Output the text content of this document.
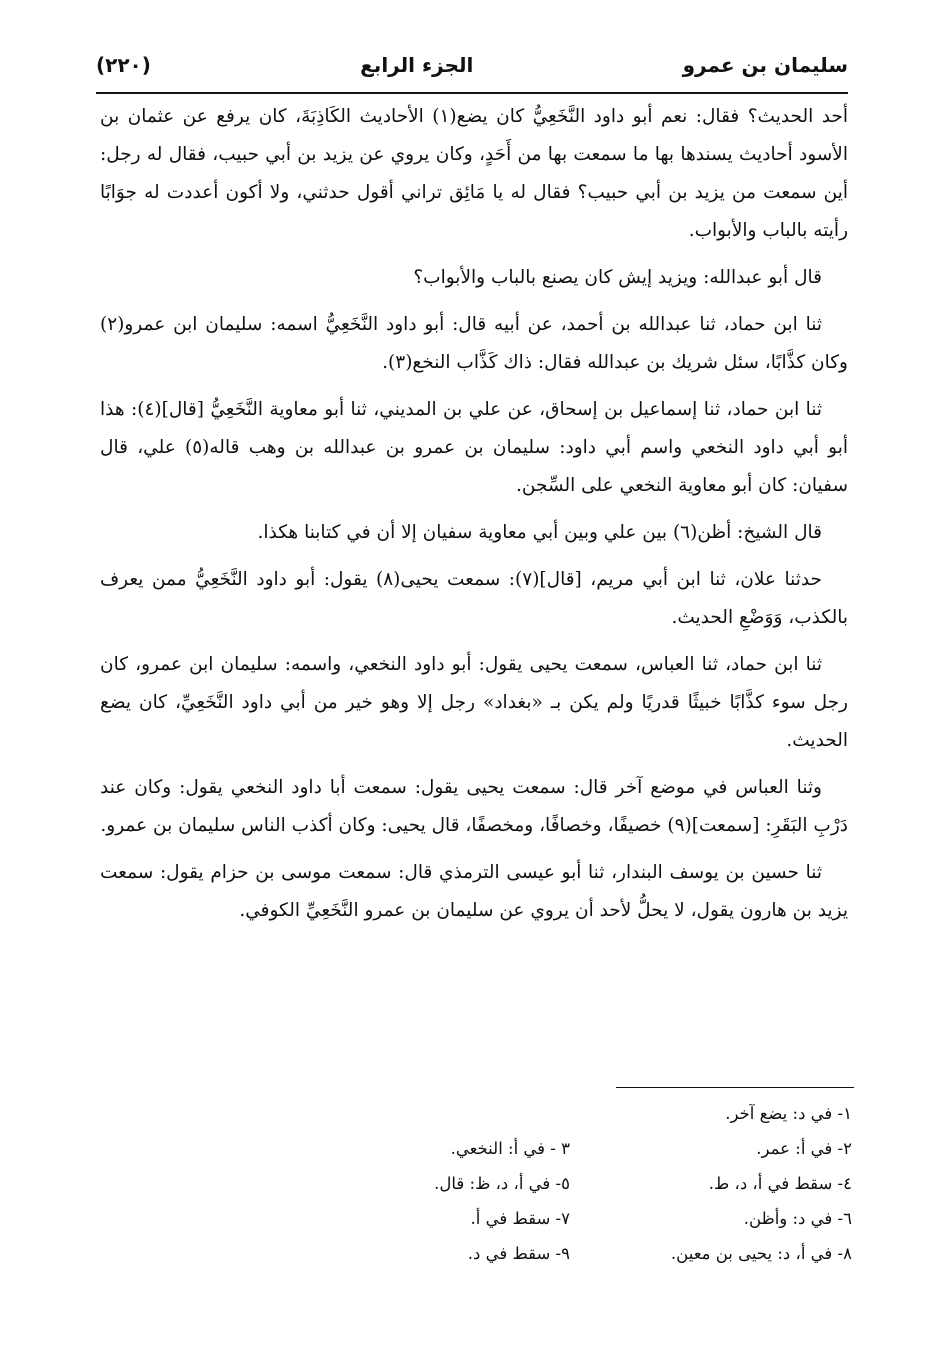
سليمان بن عمرو
الجزء الرابع
(٢٢٠)

أحد الحديث؟ فقال: نعم أبو داود النَّخَعِيُّ كان يضع(١) الأحاديث الكَاذِبَةَ، كان يرفع عن عثمان بن الأسود أحاديث يسندها بها ما سمعت بها من أَحَدٍ، وكان يروي عن يزيد بن أبي حبيب، فقال له رجل: أين سمعت من يزيد بن أبي حبيب؟ فقال له يا مَائِق تراني أقول حدثني، ولا أكون أعددت له جوَابًا رأيته بالباب والأبواب.

قال أبو عبدالله: ويزيد إيش كان يصنع بالباب والأبواب؟

ثنا ابن حماد، ثنا عبدالله بن أحمد، عن أبيه قال: أبو داود النَّخَعِيُّ اسمه: سليمان ابن عمرو(٢) وكان كذَّابًا، سئل شريك بن عبدالله فقال: ذاك كَذَّاب النخع(٣).

ثنا ابن حماد، ثنا إسماعيل بن إسحاق، عن علي بن المديني، ثنا أبو معاوية النَّخَعِيُّ [قال](٤): هذا أبو أبي داود النخعي واسم أبي داود: سليمان بن عمرو بن عبدالله بن وهب قاله(٥) علي، قال سفيان: كان أبو معاوية النخعي على السِّجن.

قال الشيخ: أظن(٦) بين علي وبين أبي معاوية سفيان إلا أن في كتابنا هكذا.

حدثنا علان، ثنا ابن أبي مريم، [قال](٧): سمعت يحيى(٨) يقول: أبو داود النَّخَعِيُّ ممن يعرف بالكذب، وَوَضْعِ الحديث.

ثنا ابن حماد، ثنا العباس، سمعت يحيى يقول: أبو داود النخعي، واسمه: سليمان ابن عمرو، كان رجل سوء كذَّابًا خبيثًا قدريًا ولم يكن بـ «بغداد» رجل إلا وهو خير من أبي داود النَّخَعِيِّ، كان يضع الحديث.

وثنا العباس في موضع آخر قال: سمعت يحيى يقول: سمعت أبا داود النخعي يقول: وكان عند دَرْبِ البَقَرِ: [سمعت](٩) خصيفًا، وخصافًا، ومخصفًا، قال يحيى: وكان أكذب الناس سليمان بن عمرو.

ثنا حسين بن يوسف البندار، ثنا أبو عيسى الترمذي قال: سمعت موسى بن حزام يقول: سمعت يزيد بن هارون يقول، لا يحلُّ لأحد أن يروي عن سليمان بن عمرو النَّخَعِيِّ الكوفي.

١- في د: يضع آخر.
٢- في أ: عمر.
٤- سقط في أ، د، ط.
٦- في د: وأظن.
٨- في أ، د: يحيى بن معين.
٣ - في أ: النخعي.
٥- في أ، د، ظ: قال.
٧- سقط في أ.
٩- سقط في د.
